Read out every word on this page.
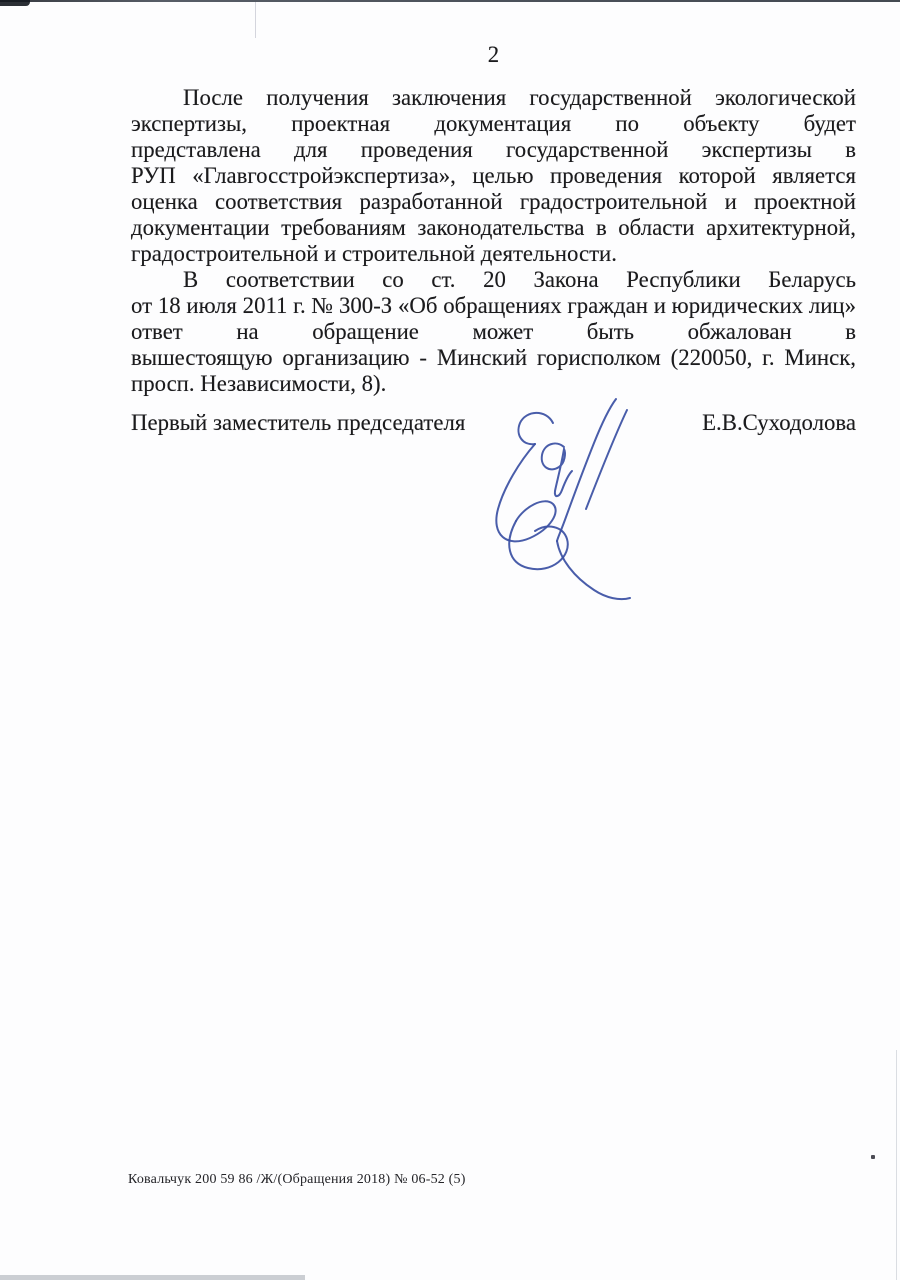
2
После получения заключения государственной экологической
экспертизы, проектная документация по объекту будет
представлена для проведения государственной экспертизы в
РУП «Главгосстройэкспертиза», целью проведения которой является
оценка соответствия разработанной градостроительной и проектной
документации требованиям законодательства в области архитектурной,
градостроительной и строительной деятельности.
В соответствии со ст. 20 Закона Республики Беларусь
от 18 июля 2011 г. № 300-З «Об обращениях граждан и юридических лиц»
ответ на обращение может быть обжалован в
вышестоящую организацию - Минский горисполком (220050, г. Минск,
просп. Независимости, 8).
Первый заместитель председателя	Е.В.Суходолова
Ковальчук 200 59 86 /Ж/(Обращения 2018) № 06-52 (5)
